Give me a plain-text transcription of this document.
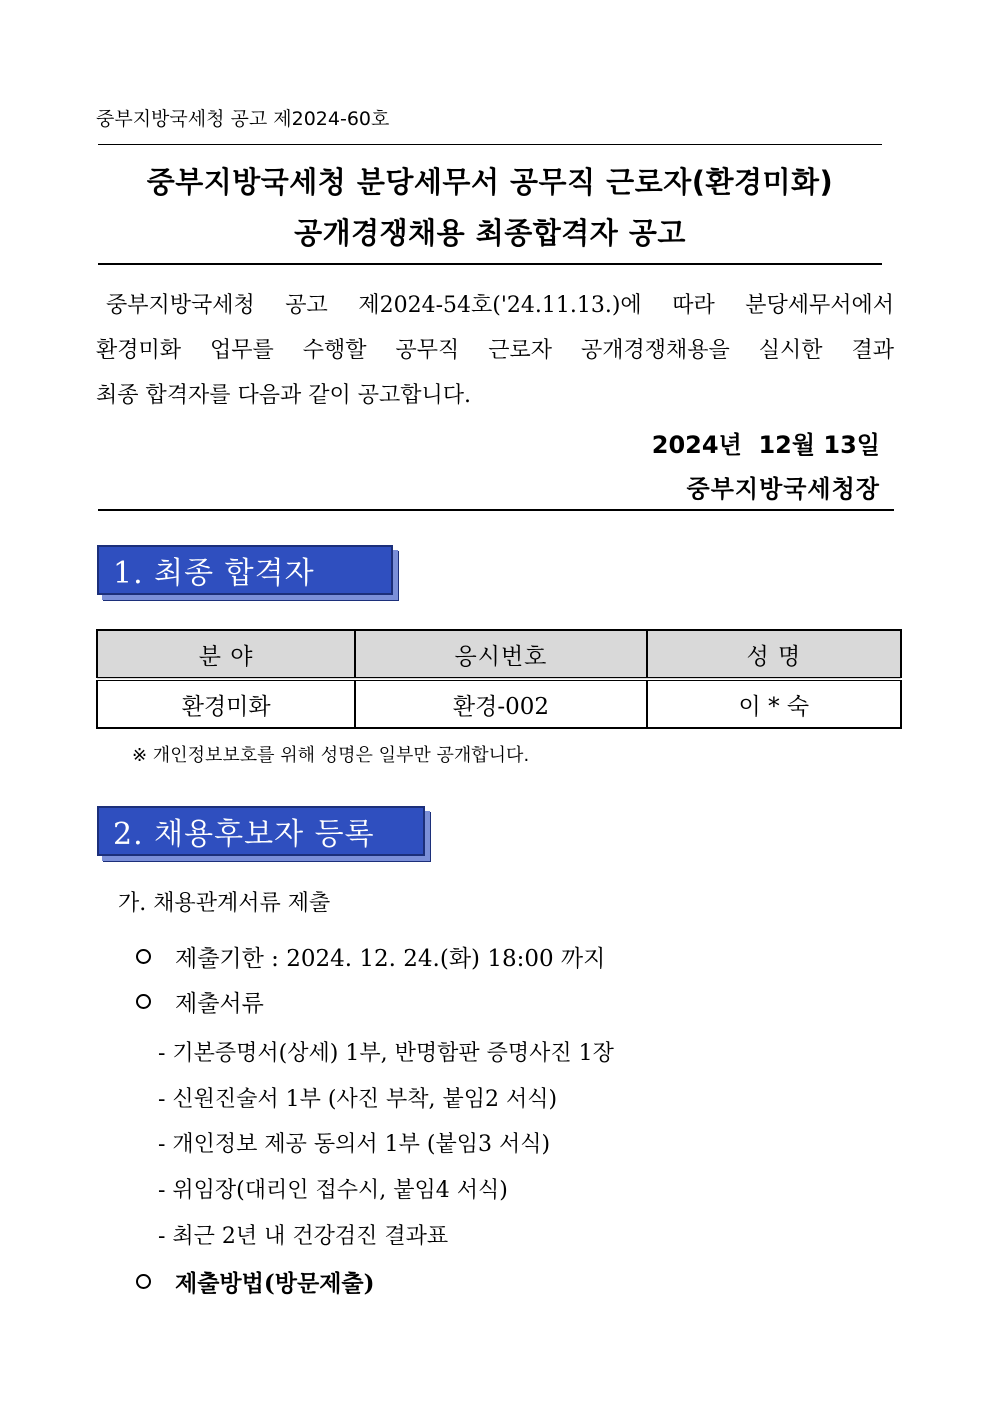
중부지방국세청 공고 제2024-60호
중부지방국세청 분당세무서 공무직 근로자(환경미화)
공개경쟁채용 최종합격자 공고
중부지방국세청 공고 제2024-54호('24.11.13.)에 따라 분당세무서에서
환경미화 업무를 수행할 공무직 근로자 공개경쟁채용을 실시한 결과
최종 합격자를 다음과 같이 공고합니다.
2024년  12월 13일
중부지방국세청장
1. 최종 합격자
분 야	응시번호	성 명
환경미화	환경-002	이 * 숙
※ 개인정보보호를 위해 성명은 일부만 공개합니다.
2. 채용후보자 등록
가. 채용관계서류 제출
제출기한 : 2024. 12. 24.(화) 18:00 까지
제출서류
- 기본증명서(상세) 1부, 반명함판 증명사진 1장
- 신원진술서 1부 (사진 부착, 붙임2 서식)
- 개인정보 제공 동의서 1부 (붙임3 서식)
- 위임장(대리인 접수시, 붙임4 서식)
- 최근 2년 내 건강검진 결과표
제출방법(방문제출)
